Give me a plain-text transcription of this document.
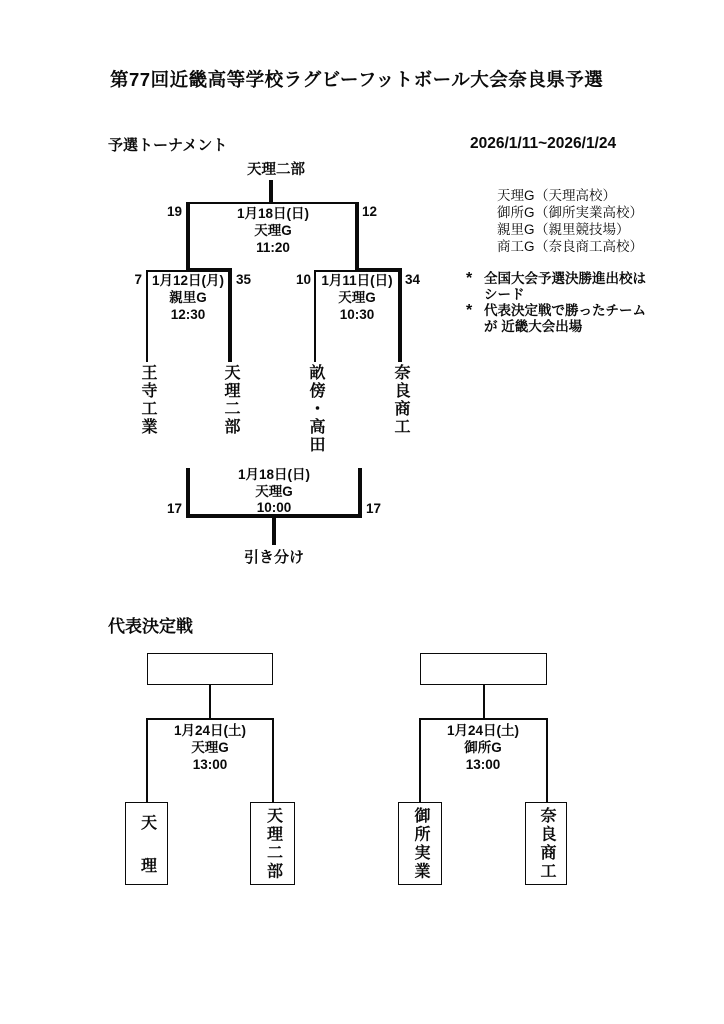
第77回近畿高等学校ラグビーフットボール大会奈良県予選
予選トーナメント	2026/1/11~2026/1/24
天理二部
1月18日(日)
天理G
11:20
19	12
1月12日(月)
親里G
12:30
7	35	1月11日(日)
天理G
10:30
10	34
王寺工業	天理二部	畝傍・高田	奈良商工
1月18日(日)
天理G
10:00
17	17
引き分け
天理G （天理高校）
御所G （御所実業高校）
親里G （親里競技場）
商工G （奈良商工高校）
* 全国大会予選決勝進出校は
シード
* 代表決定戦で勝ったチーム
が 近畿大会出場
代表決定戦
1月24日(土)
天理G
13:00
天理	天理二部
1月24日(土)
御所G
13:00
御所実業	奈良商工
